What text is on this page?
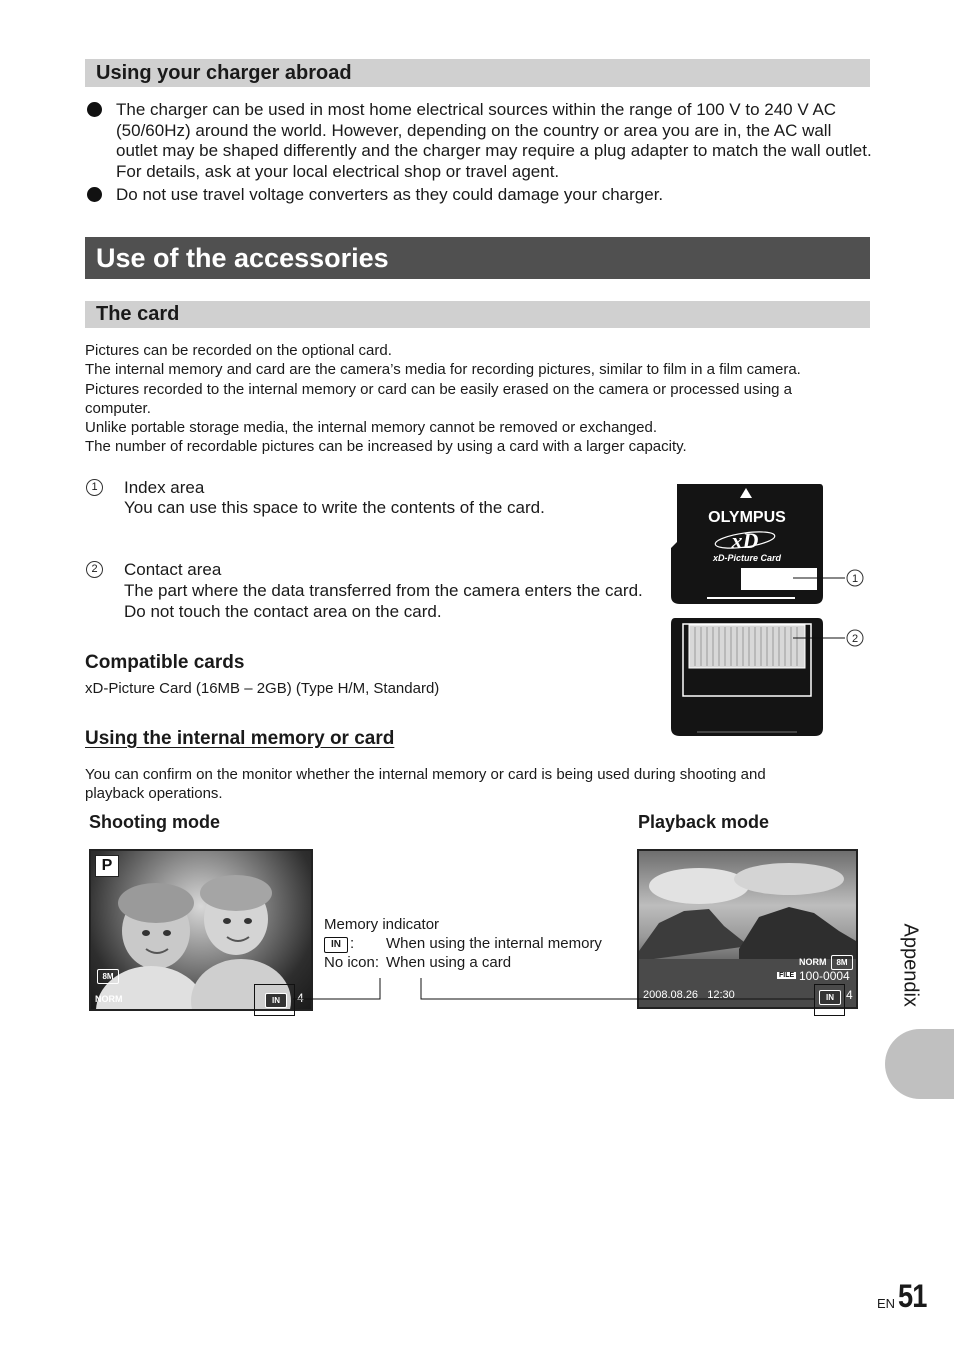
Using your charger abroad
The charger can be used in most home electrical sources within the range of 100 V to 240 V AC (50/60Hz) around the world. However, depending on the country or area you are in, the AC wall outlet may be shaped differently and the charger may require a plug adapter to match the wall outlet. For details, ask at your local electrical shop or travel agent.
Do not use travel voltage converters as they could damage your charger.
Use of the accessories
The card
Pictures can be recorded on the optional card.
The internal memory and card are the camera’s media for recording pictures, similar to film in a film camera.
Pictures recorded to the internal memory or card can be easily erased on the camera or processed using a
computer.
Unlike portable storage media, the internal memory cannot be removed or exchanged.
The number of recordable pictures can be increased by using a card with a larger capacity.
1	Index area
You can use this space to write the contents of the card.
2	Contact area
The part where the data transferred from the camera enters the card.
Do not touch the contact area on the card.
OLYMPUS
xD
xD-Picture Card
1
2
Compatible cards
xD-Picture Card (16MB – 2GB) (Type H/M, Standard)
Using the internal memory or card
You can confirm on the monitor whether the internal memory or card is being used during shooting and
playback operations.
Shooting mode	Playback mode
P
8M
NORM	IN	4
NORM	8M
FILE 100-0004
2008.08.26   12:30	IN	4
Memory indicator
IN : When using the internal memory
No icon: When using a card	Appendix
EN 51
